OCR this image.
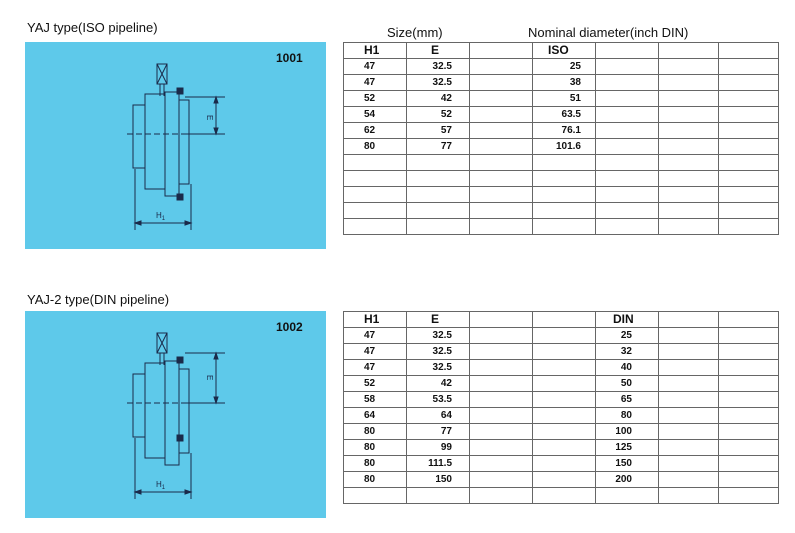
YAJ type(ISO pipeline)
1001
E
$H_1$
Size(mm)	Nominal diameter(inch DIN)
H1	E		ISO			
47	32.5		25			
47	32.5		38			
52	42		51			
54	52		63.5			
62	57		76.1			
80	77		101.6			

YAJ-2 type(DIN pipeline)
1002
E
$H_1$
H1	E			DIN		
47	32.5			25		
47	32.5			32		
47	32.5			40		
52	42			50		
58	53.5			65		
64	64			80		
80	77			100		
80	99			125		
80	111.5			150		
80	150			200		
